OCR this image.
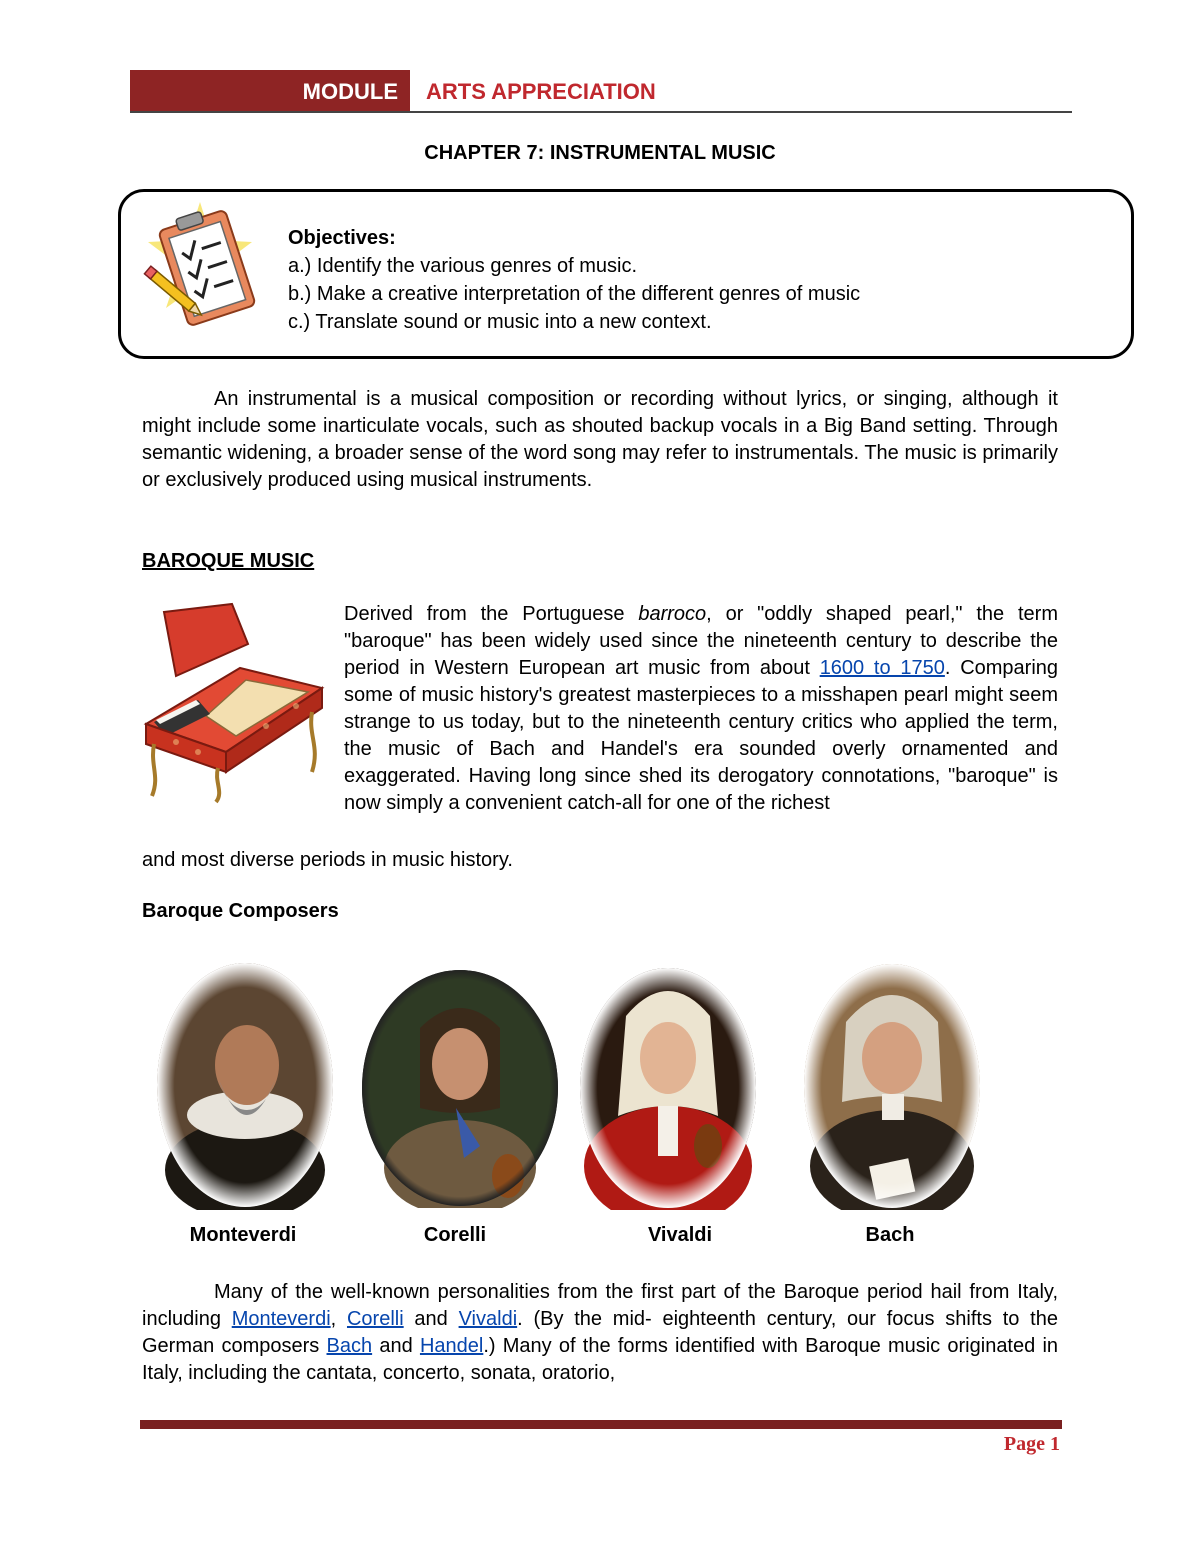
MODULE	ARTS APPRECIATION
CHAPTER 7: INSTRUMENTAL MUSIC
Objectives:
a.) Identify the various genres of music.
b.) Make a creative interpretation of the different genres of music
c.) Translate sound or music into a new context.
An instrumental is a musical composition or recording without lyrics, or singing, although it might include some inarticulate vocals, such as shouted backup vocals in a Big Band setting. Through semantic widening, a broader sense of the word song may refer to instrumentals. The music is primarily or exclusively produced using musical instruments.
BAROQUE MUSIC
Derived from the Portuguese barroco, or "oddly shaped pearl," the term "baroque" has been widely used since the nineteenth century to describe the period in Western European art music from about 1600 to 1750. Comparing some of music history's greatest masterpieces to a misshapen pearl might seem strange to us today, but to the nineteenth century critics who applied the term, the music of Bach and Handel's era sounded overly ornamented and exaggerated. Having long since shed its derogatory connotations, "baroque" is now simply a convenient catch-all for one of the richest
and most diverse periods in music history.
Baroque Composers
Monteverdi	Corelli	Vivaldi	Bach
Many of the well-known personalities from the first part of the Baroque period hail from Italy, including Monteverdi, Corelli and Vivaldi. (By the mid- eighteenth century, our focus shifts to the German composers Bach and Handel.) Many of the forms identified with Baroque music originated in Italy, including the cantata, concerto, sonata, oratorio,
Page 1
